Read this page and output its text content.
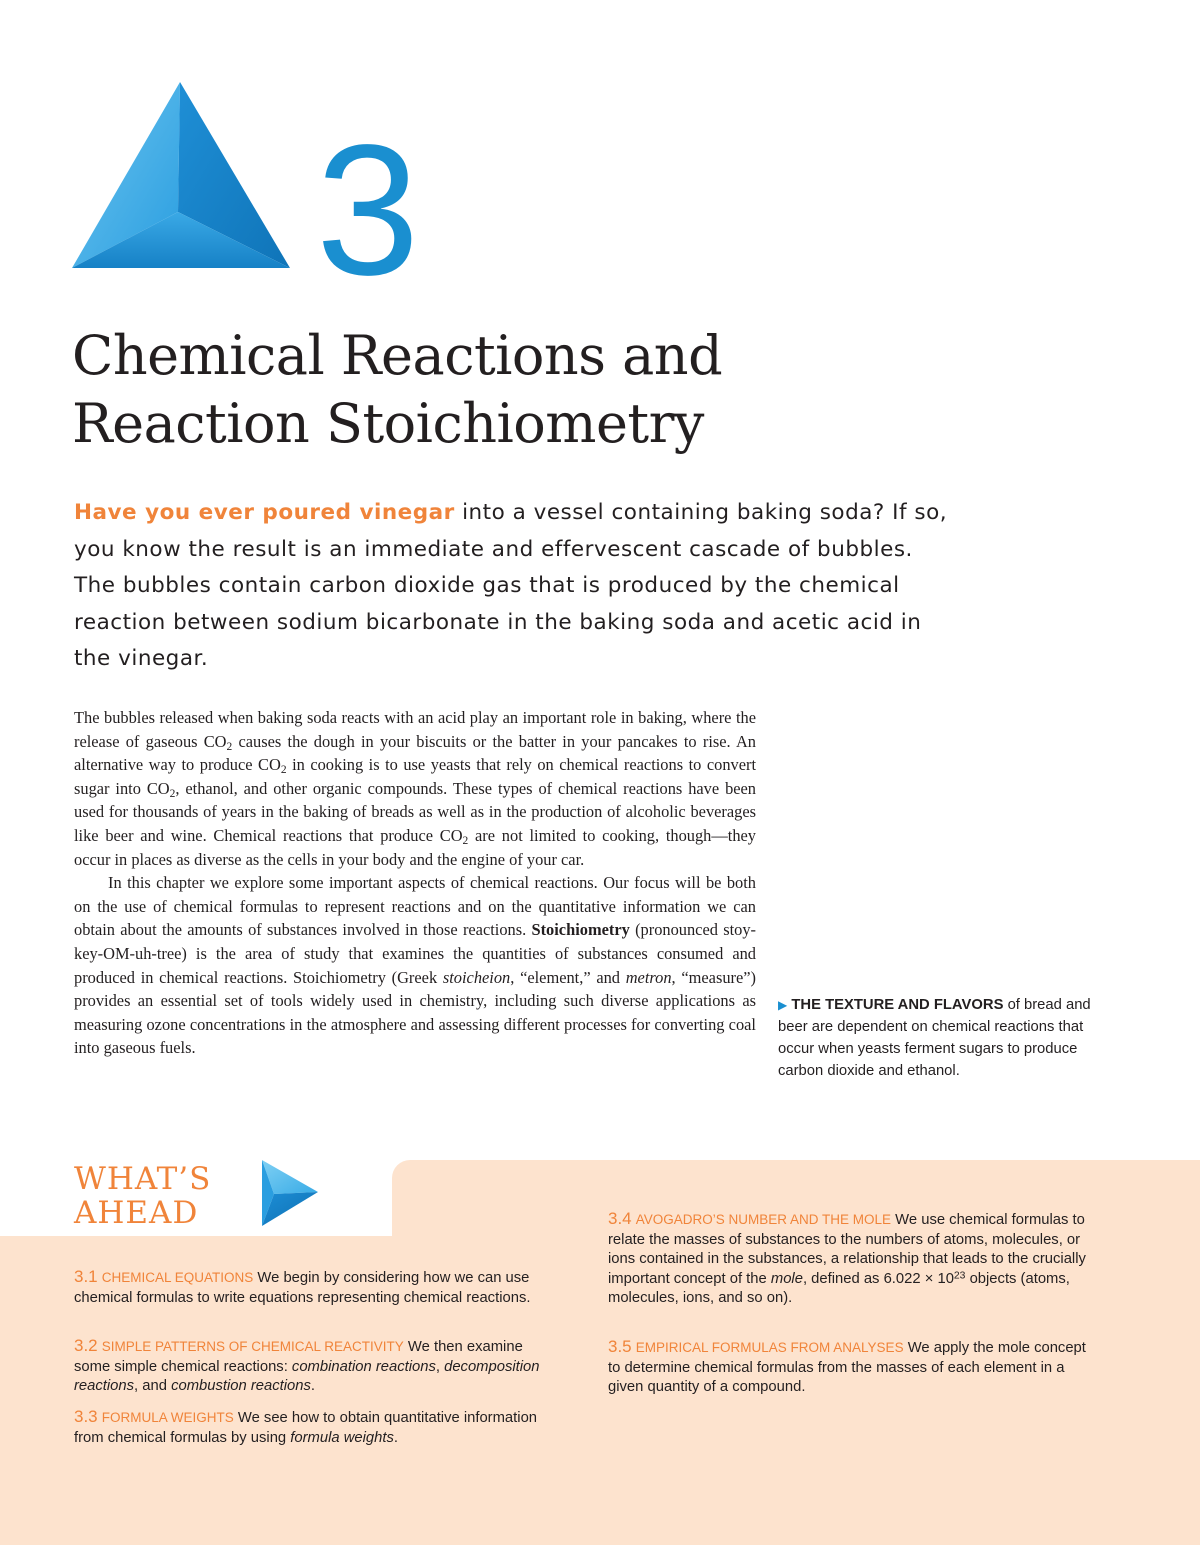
3
Chemical Reactions and
Reaction Stoichiometry

Have you ever poured vinegar into a vessel containing baking soda? If so, you know the result is an immediate and effervescent cascade of bubbles. The bubbles contain carbon dioxide gas that is produced by the chemical reaction between sodium bicarbonate in the baking soda and acetic acid in the vinegar.

The bubbles released when baking soda reacts with an acid play an important role in baking, where the release of gaseous $CO_2$ causes the dough in your biscuits or the batter in your pancakes to rise. An alternative way to produce $CO_2$ in cooking is to use yeasts that rely on chemical reactions to convert sugar into $CO_2$, ethanol, and other organic compounds. These types of chemical reactions have been used for thousands of years in the baking of breads as well as in the production of alcoholic beverages like beer and wine. Chemical reactions that produce $CO_2$ are not limited to cooking, though—they occur in places as diverse as the cells in your body and the engine of your car.

In this chapter we explore some important aspects of chemical reactions. Our focus will be both on the use of chemical formulas to represent reactions and on the quantitative information we can obtain about the amounts of substances involved in those reactions. Stoichiometry (pronounced stoy-key-OM-uh-tree) is the area of study that examines the quantities of substances consumed and produced in chemical reactions. Stoichiometry (Greek stoicheion, “element,” and metron, “measure”) provides an essential set of tools widely used in chemistry, including such diverse applications as measuring ozone concentrations in the atmosphere and assessing different processes for converting coal into gaseous fuels.

▶ THE TEXTURE AND FLAVORS of bread and beer are dependent on chemical reactions that occur when yeasts ferment sugars to produce carbon dioxide and ethanol.
WHAT’S
AHEAD
3.1 CHEMICAL EQUATIONS We begin by considering how we can use chemical formulas to write equations representing chemical reactions.
3.2 SIMPLE PATTERNS OF CHEMICAL REACTIVITY We then examine some simple chemical reactions: combination reactions, decomposition reactions, and combustion reactions.
3.3 FORMULA WEIGHTS We see how to obtain quantitative information from chemical formulas by using formula weights.
3.4 AVOGADRO’S NUMBER AND THE MOLE We use chemical formulas to relate the masses of substances to the numbers of atoms, molecules, or ions contained in the substances, a relationship that leads to the crucially important concept of the mole, defined as $6.022 \times 10^{23}$ objects (atoms, molecules, ions, and so on).
3.5 EMPIRICAL FORMULAS FROM ANALYSES We apply the mole concept to determine chemical formulas from the masses of each element in a given quantity of a compound.
